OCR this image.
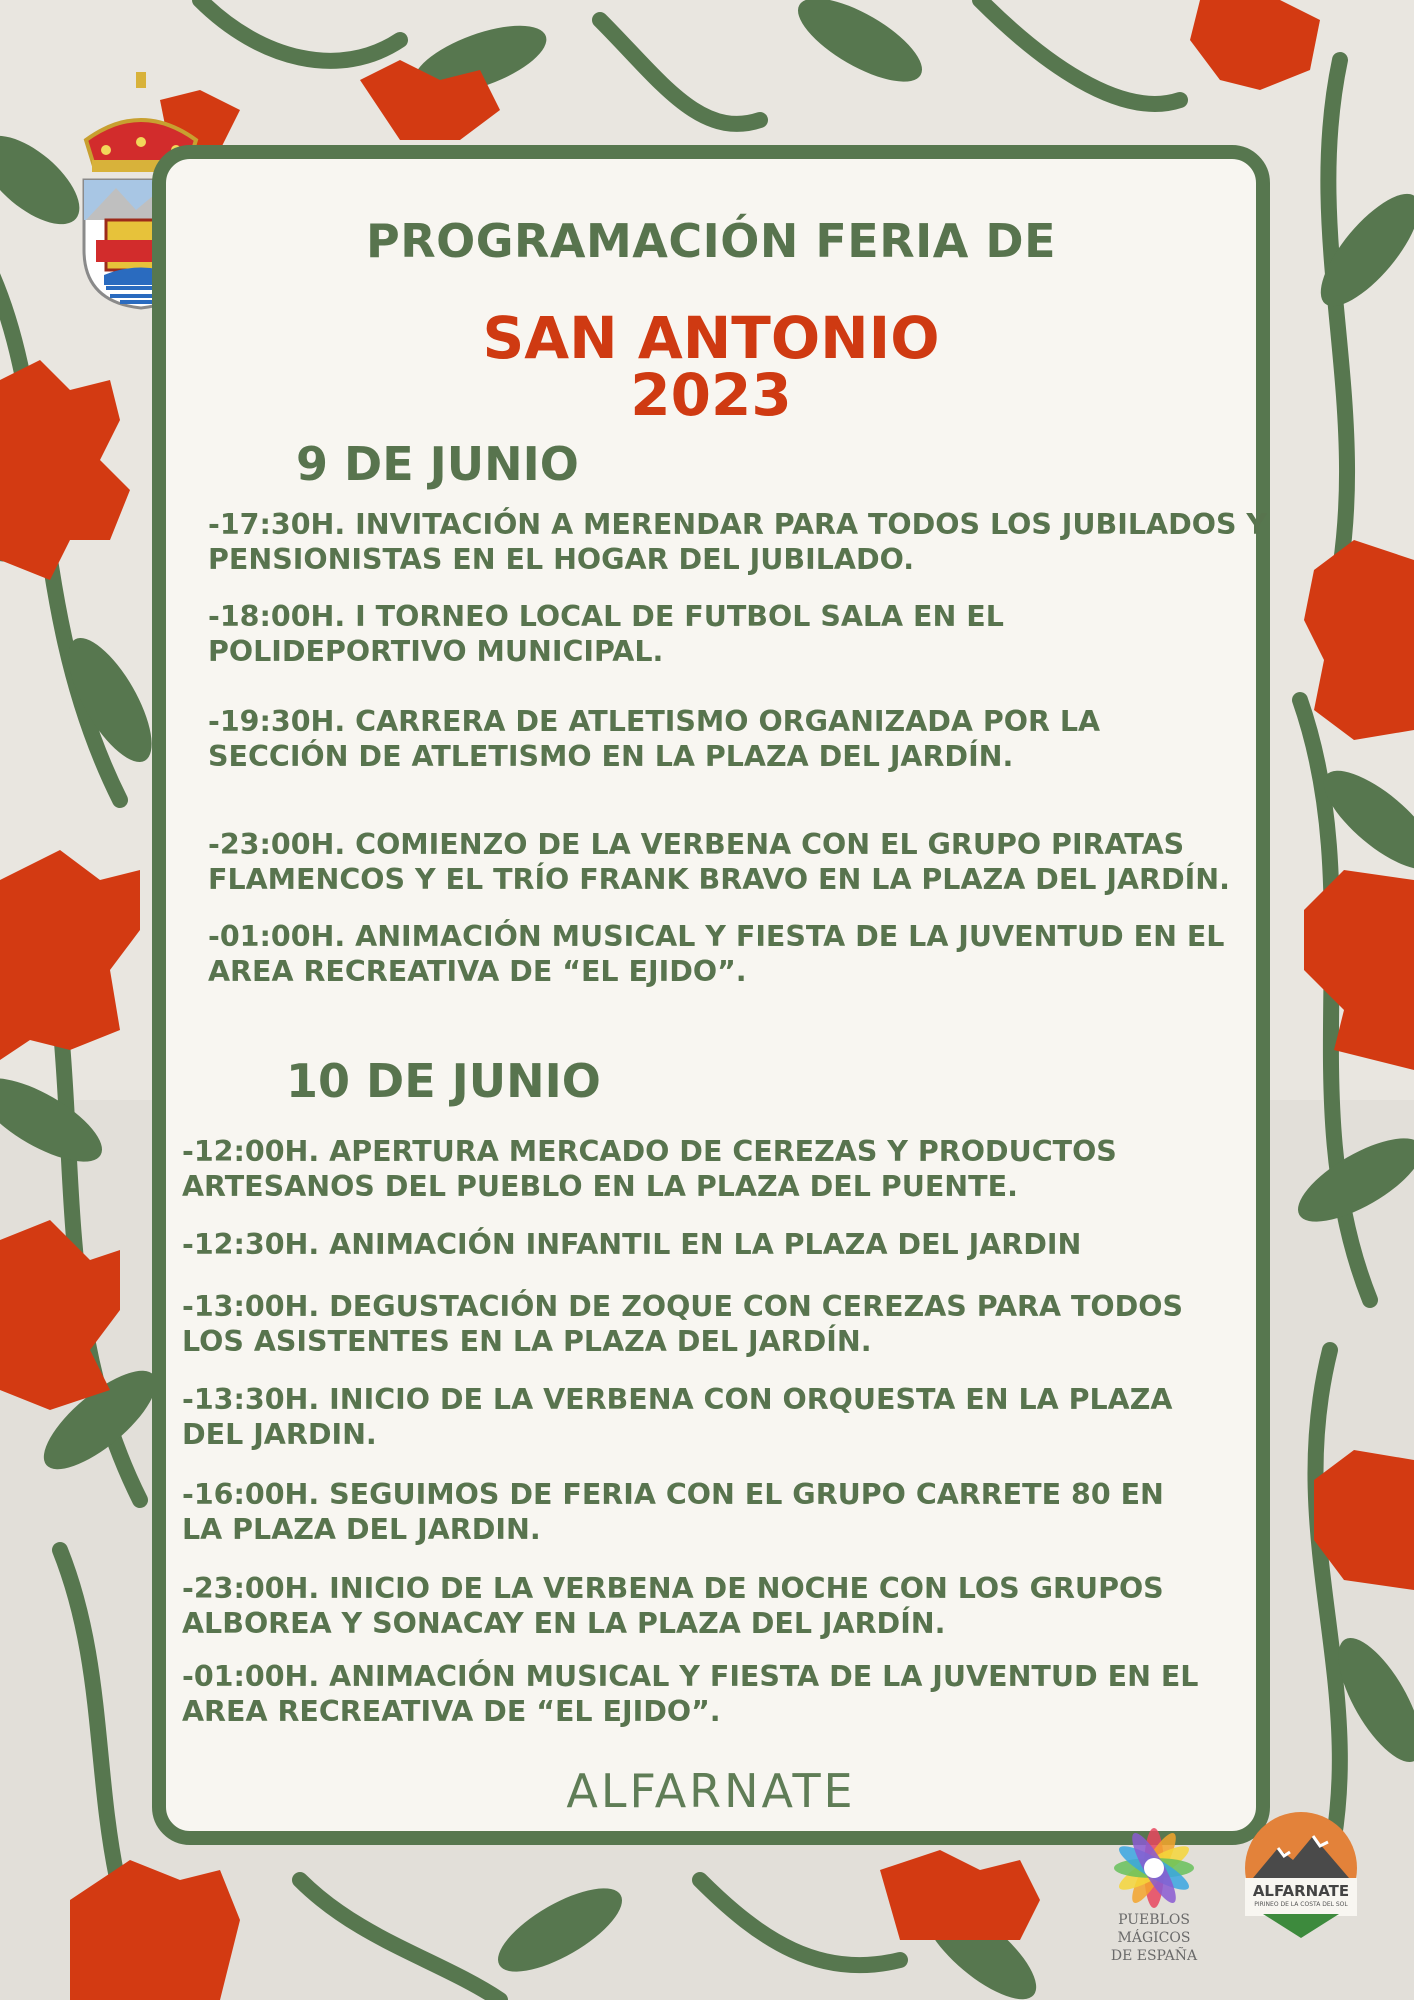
PROGRAMACIÓN FERIA DE

SAN ANTONIO

2023

9 DE JUNIO

-17:30H. INVITACIÓN A MERENDAR PARA TODOS LOS JUBILADOS Y
PENSIONISTAS EN EL HOGAR DEL JUBILADO.

-18:00H. I TORNEO LOCAL DE FUTBOL SALA EN EL
POLIDEPORTIVO MUNICIPAL.

-19:30H. CARRERA DE ATLETISMO ORGANIZADA POR LA
SECCIÓN DE ATLETISMO EN LA PLAZA DEL JARDÍN.

-23:00H. COMIENZO DE LA VERBENA CON EL GRUPO PIRATAS
FLAMENCOS Y EL TRÍO FRANK BRAVO EN LA PLAZA DEL JARDÍN.

-01:00H. ANIMACIÓN MUSICAL Y FIESTA DE LA JUVENTUD EN EL
AREA RECREATIVA DE “EL EJIDO”.

10 DE JUNIO

-12:00H. APERTURA MERCADO DE CEREZAS Y PRODUCTOS
ARTESANOS DEL PUEBLO EN LA PLAZA DEL PUENTE.

-12:30H. ANIMACIÓN INFANTIL EN LA PLAZA DEL JARDIN

-13:00H. DEGUSTACIÓN DE ZOQUE CON CEREZAS PARA TODOS
LOS ASISTENTES EN LA PLAZA DEL JARDÍN.

-13:30H. INICIO DE LA VERBENA CON ORQUESTA EN LA PLAZA
DEL JARDIN.

-16:00H. SEGUIMOS DE FERIA CON EL GRUPO CARRETE 80 EN
LA PLAZA DEL JARDIN.

-23:00H. INICIO DE LA VERBENA DE NOCHE CON LOS GRUPOS
ALBOREA Y SONACAY EN LA PLAZA DEL JARDÍN.

-01:00H. ANIMACIÓN MUSICAL Y FIESTA DE LA JUVENTUD EN EL
AREA RECREATIVA DE “EL EJIDO”.

ALFARNATE

PUEBLOS

MÁGICOS

DE ESPAÑA

ALFARNATE

PIRINEO DE LA COSTA DEL SOL
